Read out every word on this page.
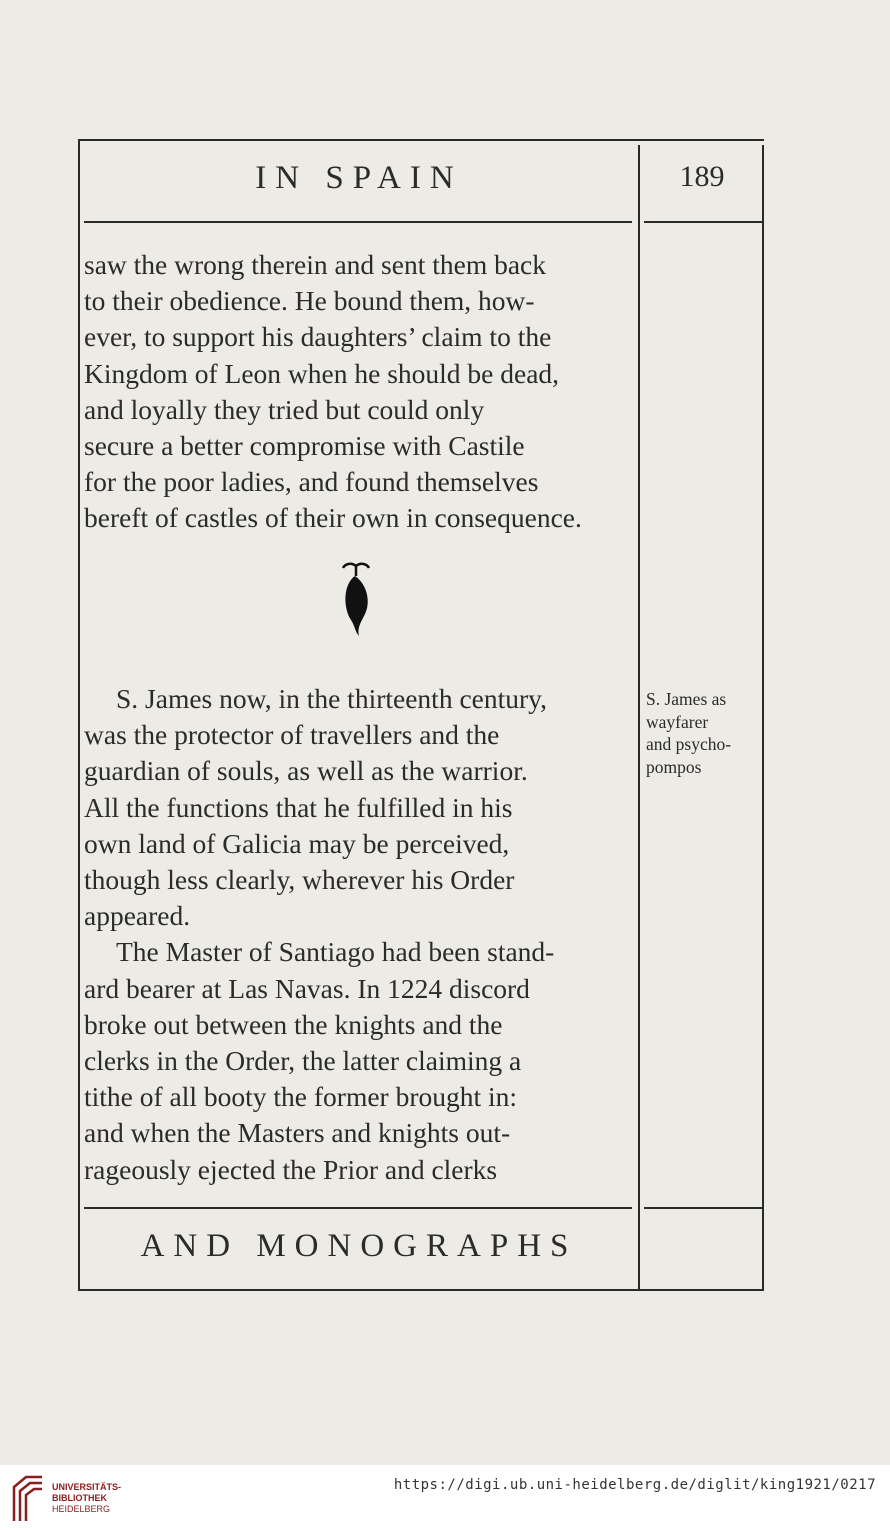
IN SPAIN	189

saw the wrong therein and sent them back

to their obedience. He bound them, how-

ever, to support his daughters’ claim to the

Kingdom of Leon when he should be dead,

and loyally they tried but could only

secure a better compromise with Castile

for the poor ladies, and found themselves

bereft of castles of their own in consequence.

S. James now, in the thirteenth century,

was the protector of travellers and the

guardian of souls, as well as the warrior.

All the functions that he fulfilled in his

own land of Galicia may be perceived,

though less clearly, wherever his Order

appeared.

The Master of Santiago had been stand-

ard bearer at Las Navas. In 1224 discord

broke out between the knights and the

clerks in the Order, the latter claiming a

tithe of all booty the former brought in:

and when the Masters and knights out-

rageously ejected the Prior and clerks

S. James as
wayfarer
and psycho-
pompos
AND MONOGRAPHS
UNIVERSITÄTS-
BIBLIOTHEK
HEIDELBERG
https://digi.ub.uni-heidelberg.de/diglit/king1921/0217
